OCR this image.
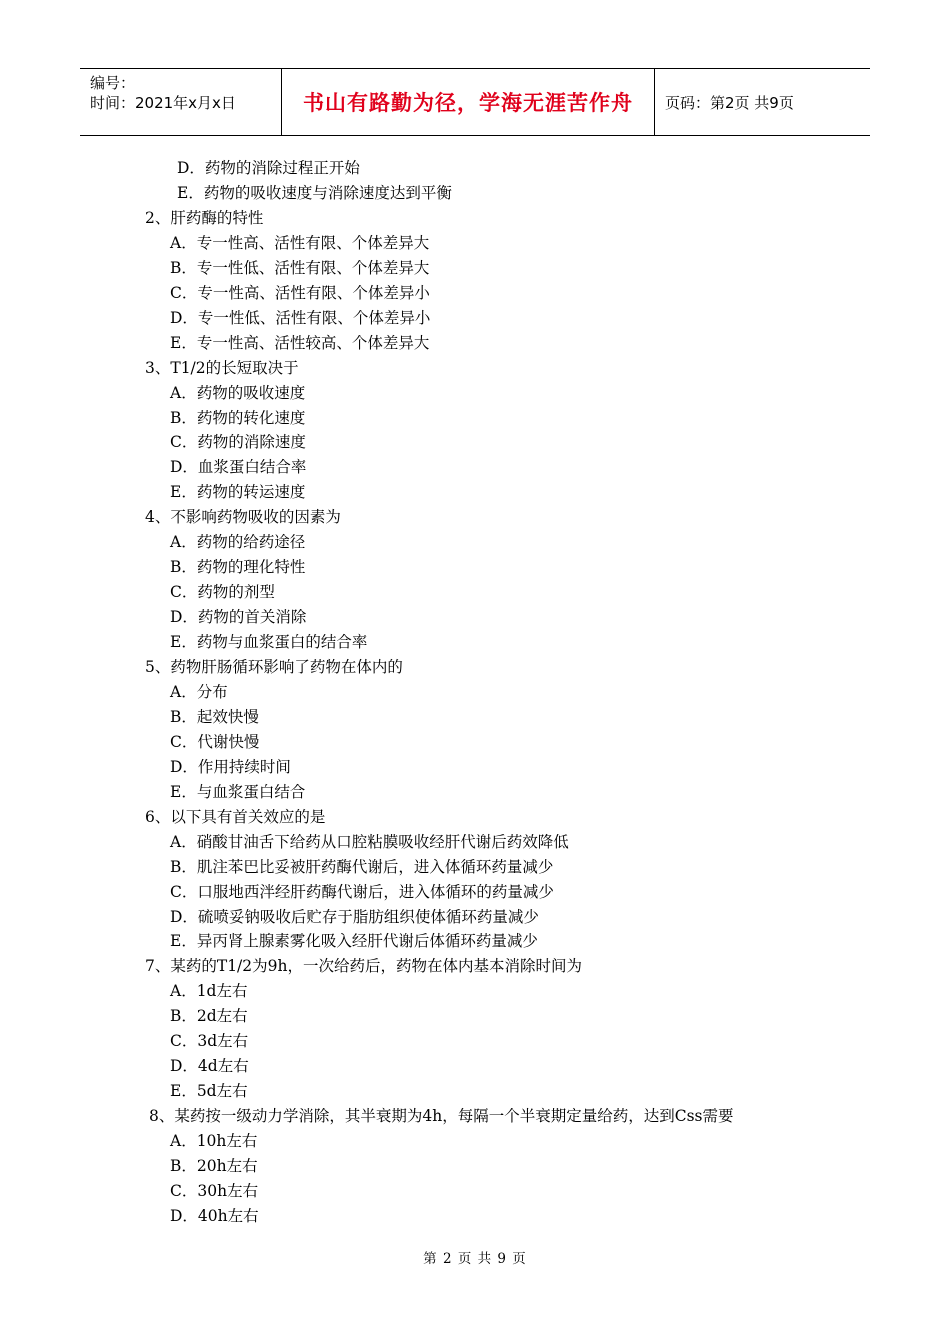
编号：
时间：2021年x月x日	书山有路勤为径，学海无涯苦作舟	页码：第2页 共9页
D．药物的消除过程正开始
E．药物的吸收速度与消除速度达到平衡
2、肝药酶的特性
A．专一性高、活性有限、个体差异大
B．专一性低、活性有限、个体差异大
C．专一性高、活性有限、个体差异小
D．专一性低、活性有限、个体差异小
E．专一性高、活性较高、个体差异大
3、T1/2的长短取决于
A．药物的吸收速度
B．药物的转化速度
C．药物的消除速度
D．血浆蛋白结合率
E．药物的转运速度
4、不影响药物吸收的因素为
A．药物的给药途径
B．药物的理化特性
C．药物的剂型
D．药物的首关消除
E．药物与血浆蛋白的结合率
5、药物肝肠循环影响了药物在体内的
A．分布
B．起效快慢
C．代谢快慢
D．作用持续时间
E．与血浆蛋白结合
6、以下具有首关效应的是
A．硝酸甘油舌下给药从口腔粘膜吸收经肝代谢后药效降低
B．肌注苯巴比妥被肝药酶代谢后，进入体循环药量减少
C．口服地西泮经肝药酶代谢后，进入体循环的药量减少
D．硫喷妥钠吸收后贮存于脂肪组织使体循环药量减少
E．异丙肾上腺素雾化吸入经肝代谢后体循环药量减少
7、某药的T1/2为9h，一次给药后，药物在体内基本消除时间为
A．1d左右
B．2d左右
C．3d左右
D．4d左右
E．5d左右
8、某药按一级动力学消除，其半衰期为4h，每隔一个半衰期定量给药，达到Css需要
A．10h左右
B．20h左右
C．30h左右
D．40h左右
第 2 页 共 9 页
